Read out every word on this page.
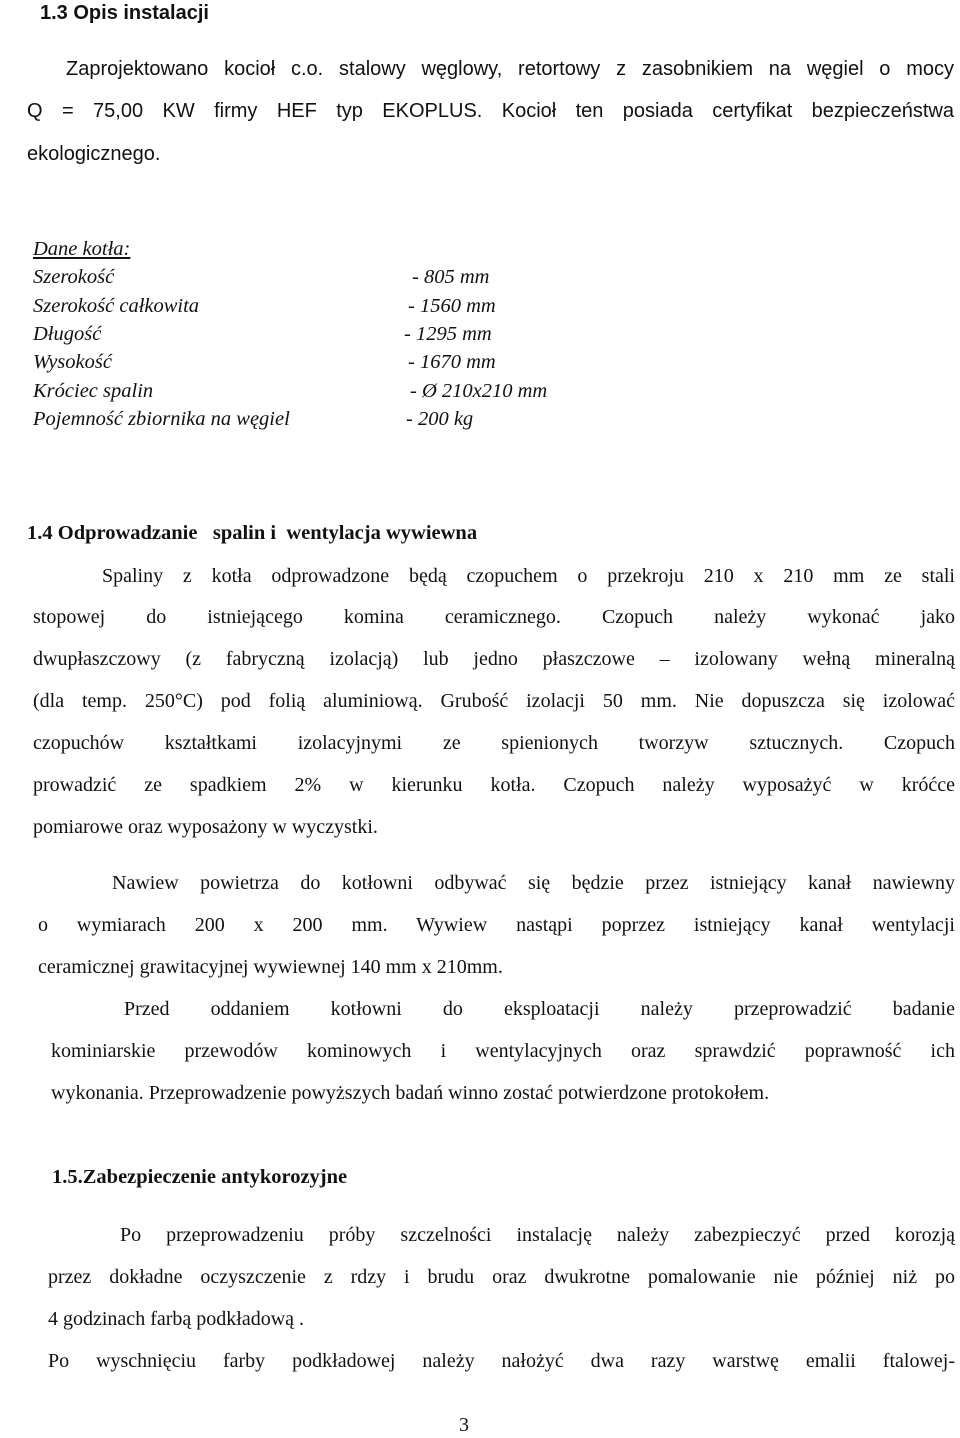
1.3 Opis instalacji
Zaprojektowano kocioł c.o. stalowy węglowy, retortowy z zasobnikiem na węgiel o mocy
Q = 75,00 KW firmy HEF typ EKOPLUS. Kocioł ten posiada certyfikat bezpieczeństwa
ekologicznego.
Dane kotła:
Szerokość	- 805 mm
Szerokość całkowita	- 1560 mm
Długość	- 1295 mm
Wysokość	- 1670 mm
Króciec spalin	- Ø 210x210 mm
Pojemność zbiornika na węgiel	- 200 kg
1.4 Odprowadzanie   spalin i  wentylacja wywiewna
Spaliny z kotła odprowadzone będą czopuchem o przekroju 210 x 210 mm ze stali
stopowej do istniejącego komina ceramicznego. Czopuch należy wykonać jako
dwupłaszczowy (z fabryczną izolacją) lub jedno płaszczowe – izolowany wełną mineralną
(dla temp. 250°C) pod folią aluminiową. Grubość izolacji 50 mm. Nie dopuszcza się izolować
czopuchów kształtkami izolacyjnymi ze spienionych tworzyw sztucznych. Czopuch
prowadzić ze spadkiem 2% w kierunku kotła. Czopuch należy wyposażyć w króćce
pomiarowe oraz wyposażony w wyczystki.
Nawiew powietrza do kotłowni odbywać się będzie przez istniejący kanał nawiewny
o wymiarach 200 x 200 mm. Wywiew nastąpi poprzez istniejący kanał wentylacji
ceramicznej grawitacyjnej wywiewnej 140 mm x 210mm.
Przed oddaniem kotłowni do eksploatacji należy przeprowadzić badanie
kominiarskie przewodów kominowych i wentylacyjnych oraz sprawdzić poprawność ich
wykonania. Przeprowadzenie powyższych badań winno zostać potwierdzone protokołem.
1.5.Zabezpieczenie antykorozyjne
Po przeprowadzeniu próby szczelności instalację należy zabezpieczyć przed korozją
przez dokładne oczyszczenie z rdzy i brudu oraz dwukrotne pomalowanie nie później niż po
4 godzinach farbą podkładową .
Po wyschnięciu farby podkładowej należy nałożyć dwa razy warstwę emalii ftalowej-
3
